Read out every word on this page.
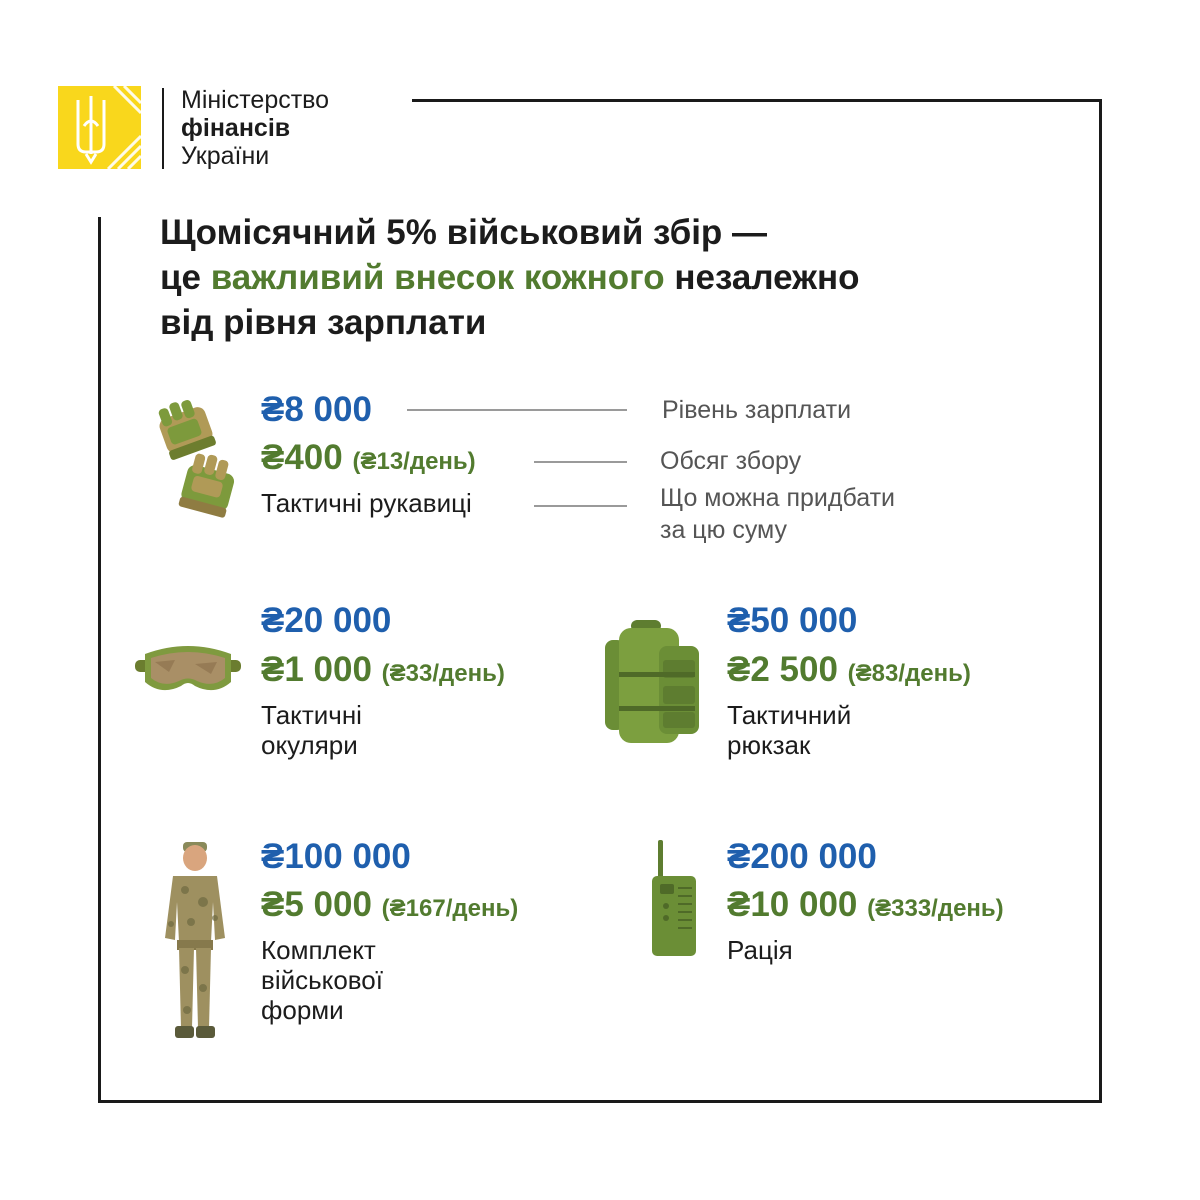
Міністерство
фінансів
України
Щомісячний 5% військовий збір —
це важливий внесок кожного незалежно
від рівня зарплати
₴8 000
₴400 (₴13/день)
Тактичні рукавиці
Рівень зарплати
Обсяг збору
Що можна придбати
за цю суму
₴20 000
₴1 000 (₴33/день)
Тактичні
окуляри
₴50 000
₴2 500 (₴83/день)
Тактичний
рюкзак
₴100 000
₴5 000 (₴167/день)
Комплект
військової
форми
₴200 000
₴10 000 (₴333/день)
Рація
